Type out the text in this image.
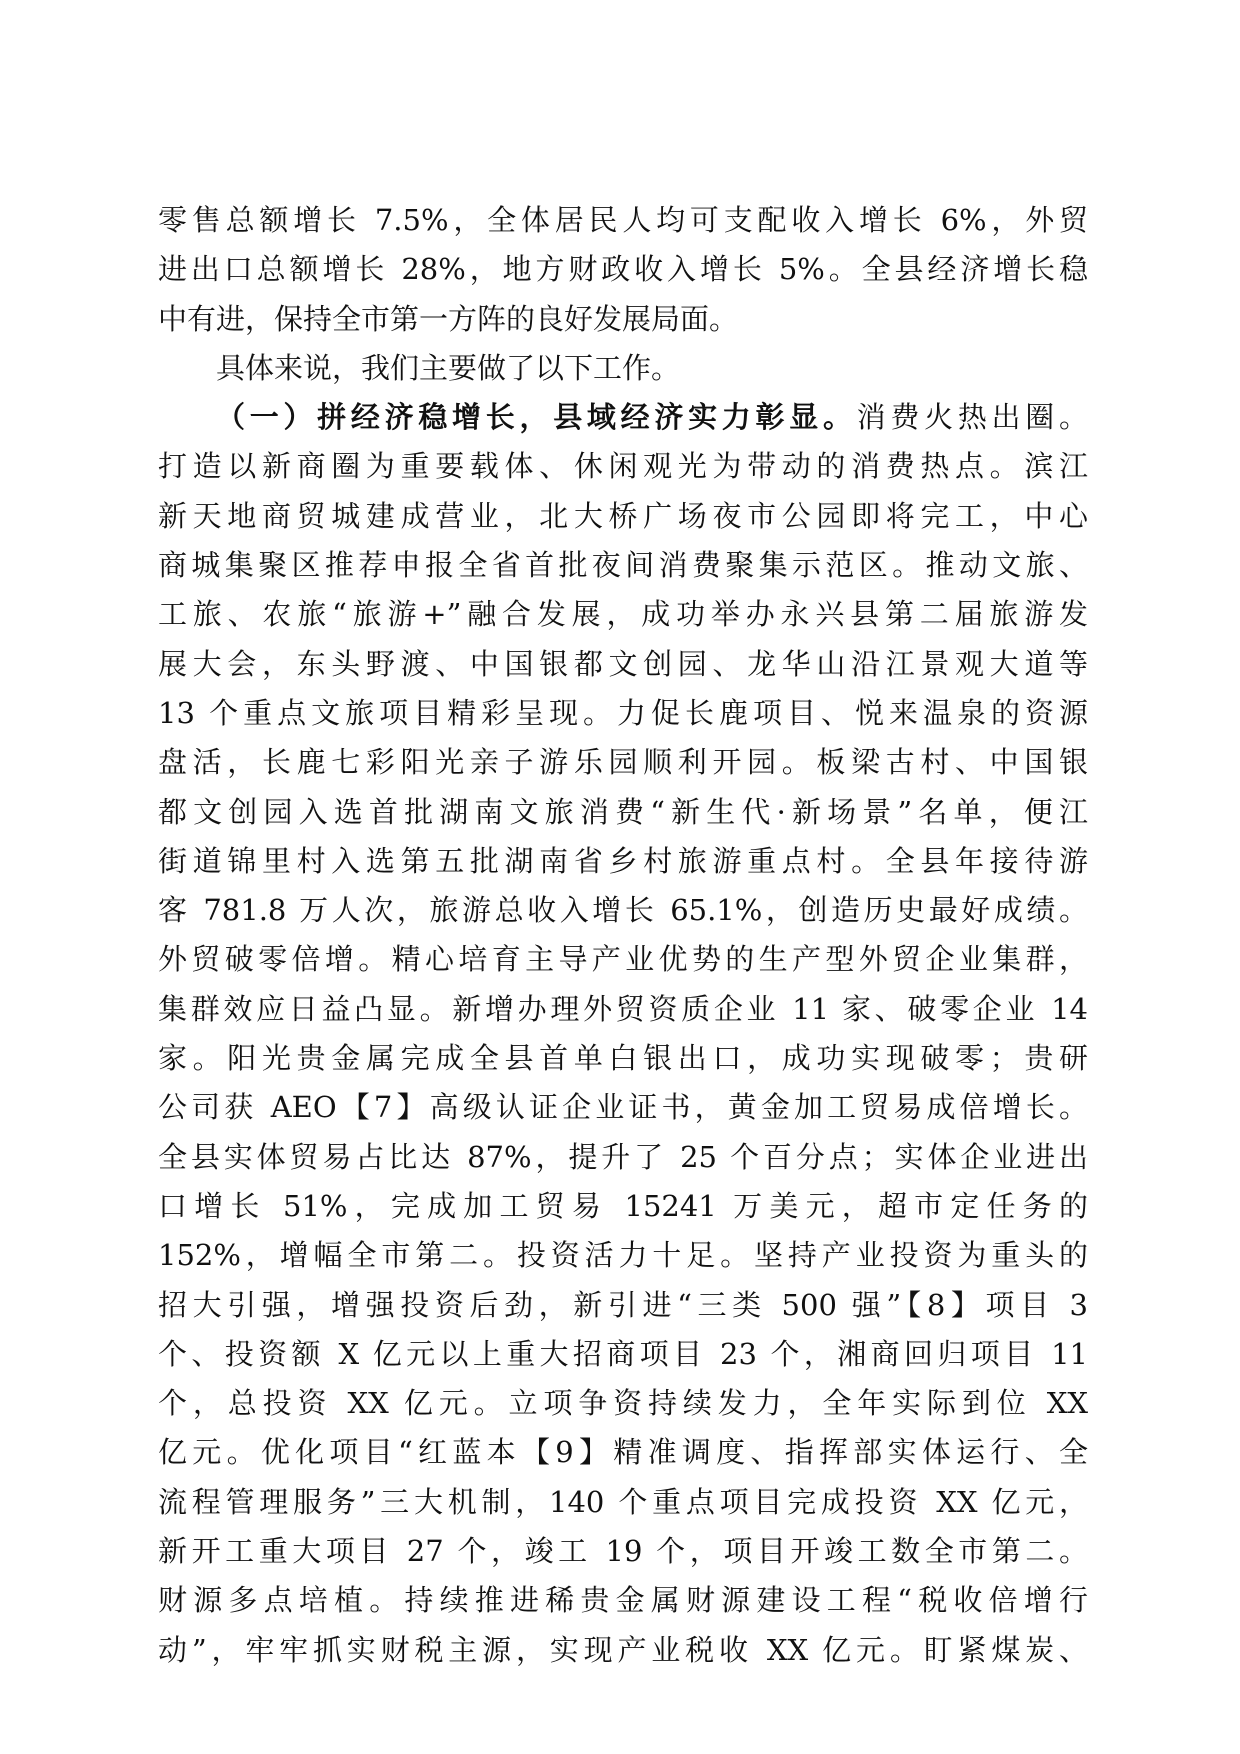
零售总额增长 7.5%，全体居民人均可支配收入增长 6%，外贸
进出口总额增长 28%，地方财政收入增长 5%。全县经济增长稳
中有进，保持全市第一方阵的良好发展局面。
具体来说，我们主要做了以下工作。
（一）拼经济稳增长，县域经济实力彰显。消费火热出圈。
打造以新商圈为重要载体、休闲观光为带动的消费热点。滨江
新天地商贸城建成营业，北大桥广场夜市公园即将完工，中心
商城集聚区推荐申报全省首批夜间消费聚集示范区。推动文旅、
工旅、农旅“旅游+”融合发展，成功举办永兴县第二届旅游发
展大会，东头野渡、中国银都文创园、龙华山沿江景观大道等
13 个重点文旅项目精彩呈现。力促长鹿项目、悦来温泉的资源
盘活，长鹿七彩阳光亲子游乐园顺利开园。板梁古村、中国银
都文创园入选首批湖南文旅消费“新生代·新场景”名单，便江
街道锦里村入选第五批湖南省乡村旅游重点村。全县年接待游
客 781.8 万人次，旅游总收入增长 65.1%，创造历史最好成绩。
外贸破零倍增。精心培育主导产业优势的生产型外贸企业集群，
集群效应日益凸显。新增办理外贸资质企业 11 家、破零企业 14
家。阳光贵金属完成全县首单白银出口，成功实现破零；贵研
公司获 AEO【7】高级认证企业证书，黄金加工贸易成倍增长。
全县实体贸易占比达 87%，提升了 25 个百分点；实体企业进出
口增长 51%，完成加工贸易 15241 万美元，超市定任务的
152%，增幅全市第二。投资活力十足。坚持产业投资为重头的
招大引强，增强投资后劲，新引进“三类 500 强”【8】项目 3
个、投资额 X 亿元以上重大招商项目 23 个，湘商回归项目 11
个，总投资 XX 亿元。立项争资持续发力，全年实际到位 XX
亿元。优化项目“红蓝本【9】精准调度、指挥部实体运行、全
流程管理服务”三大机制，140 个重点项目完成投资 XX 亿元，
新开工重大项目 27 个，竣工 19 个，项目开竣工数全市第二。
财源多点培植。持续推进稀贵金属财源建设工程“税收倍增行
动”，牢牢抓实财税主源，实现产业税收 XX 亿元。盯紧煤炭、
